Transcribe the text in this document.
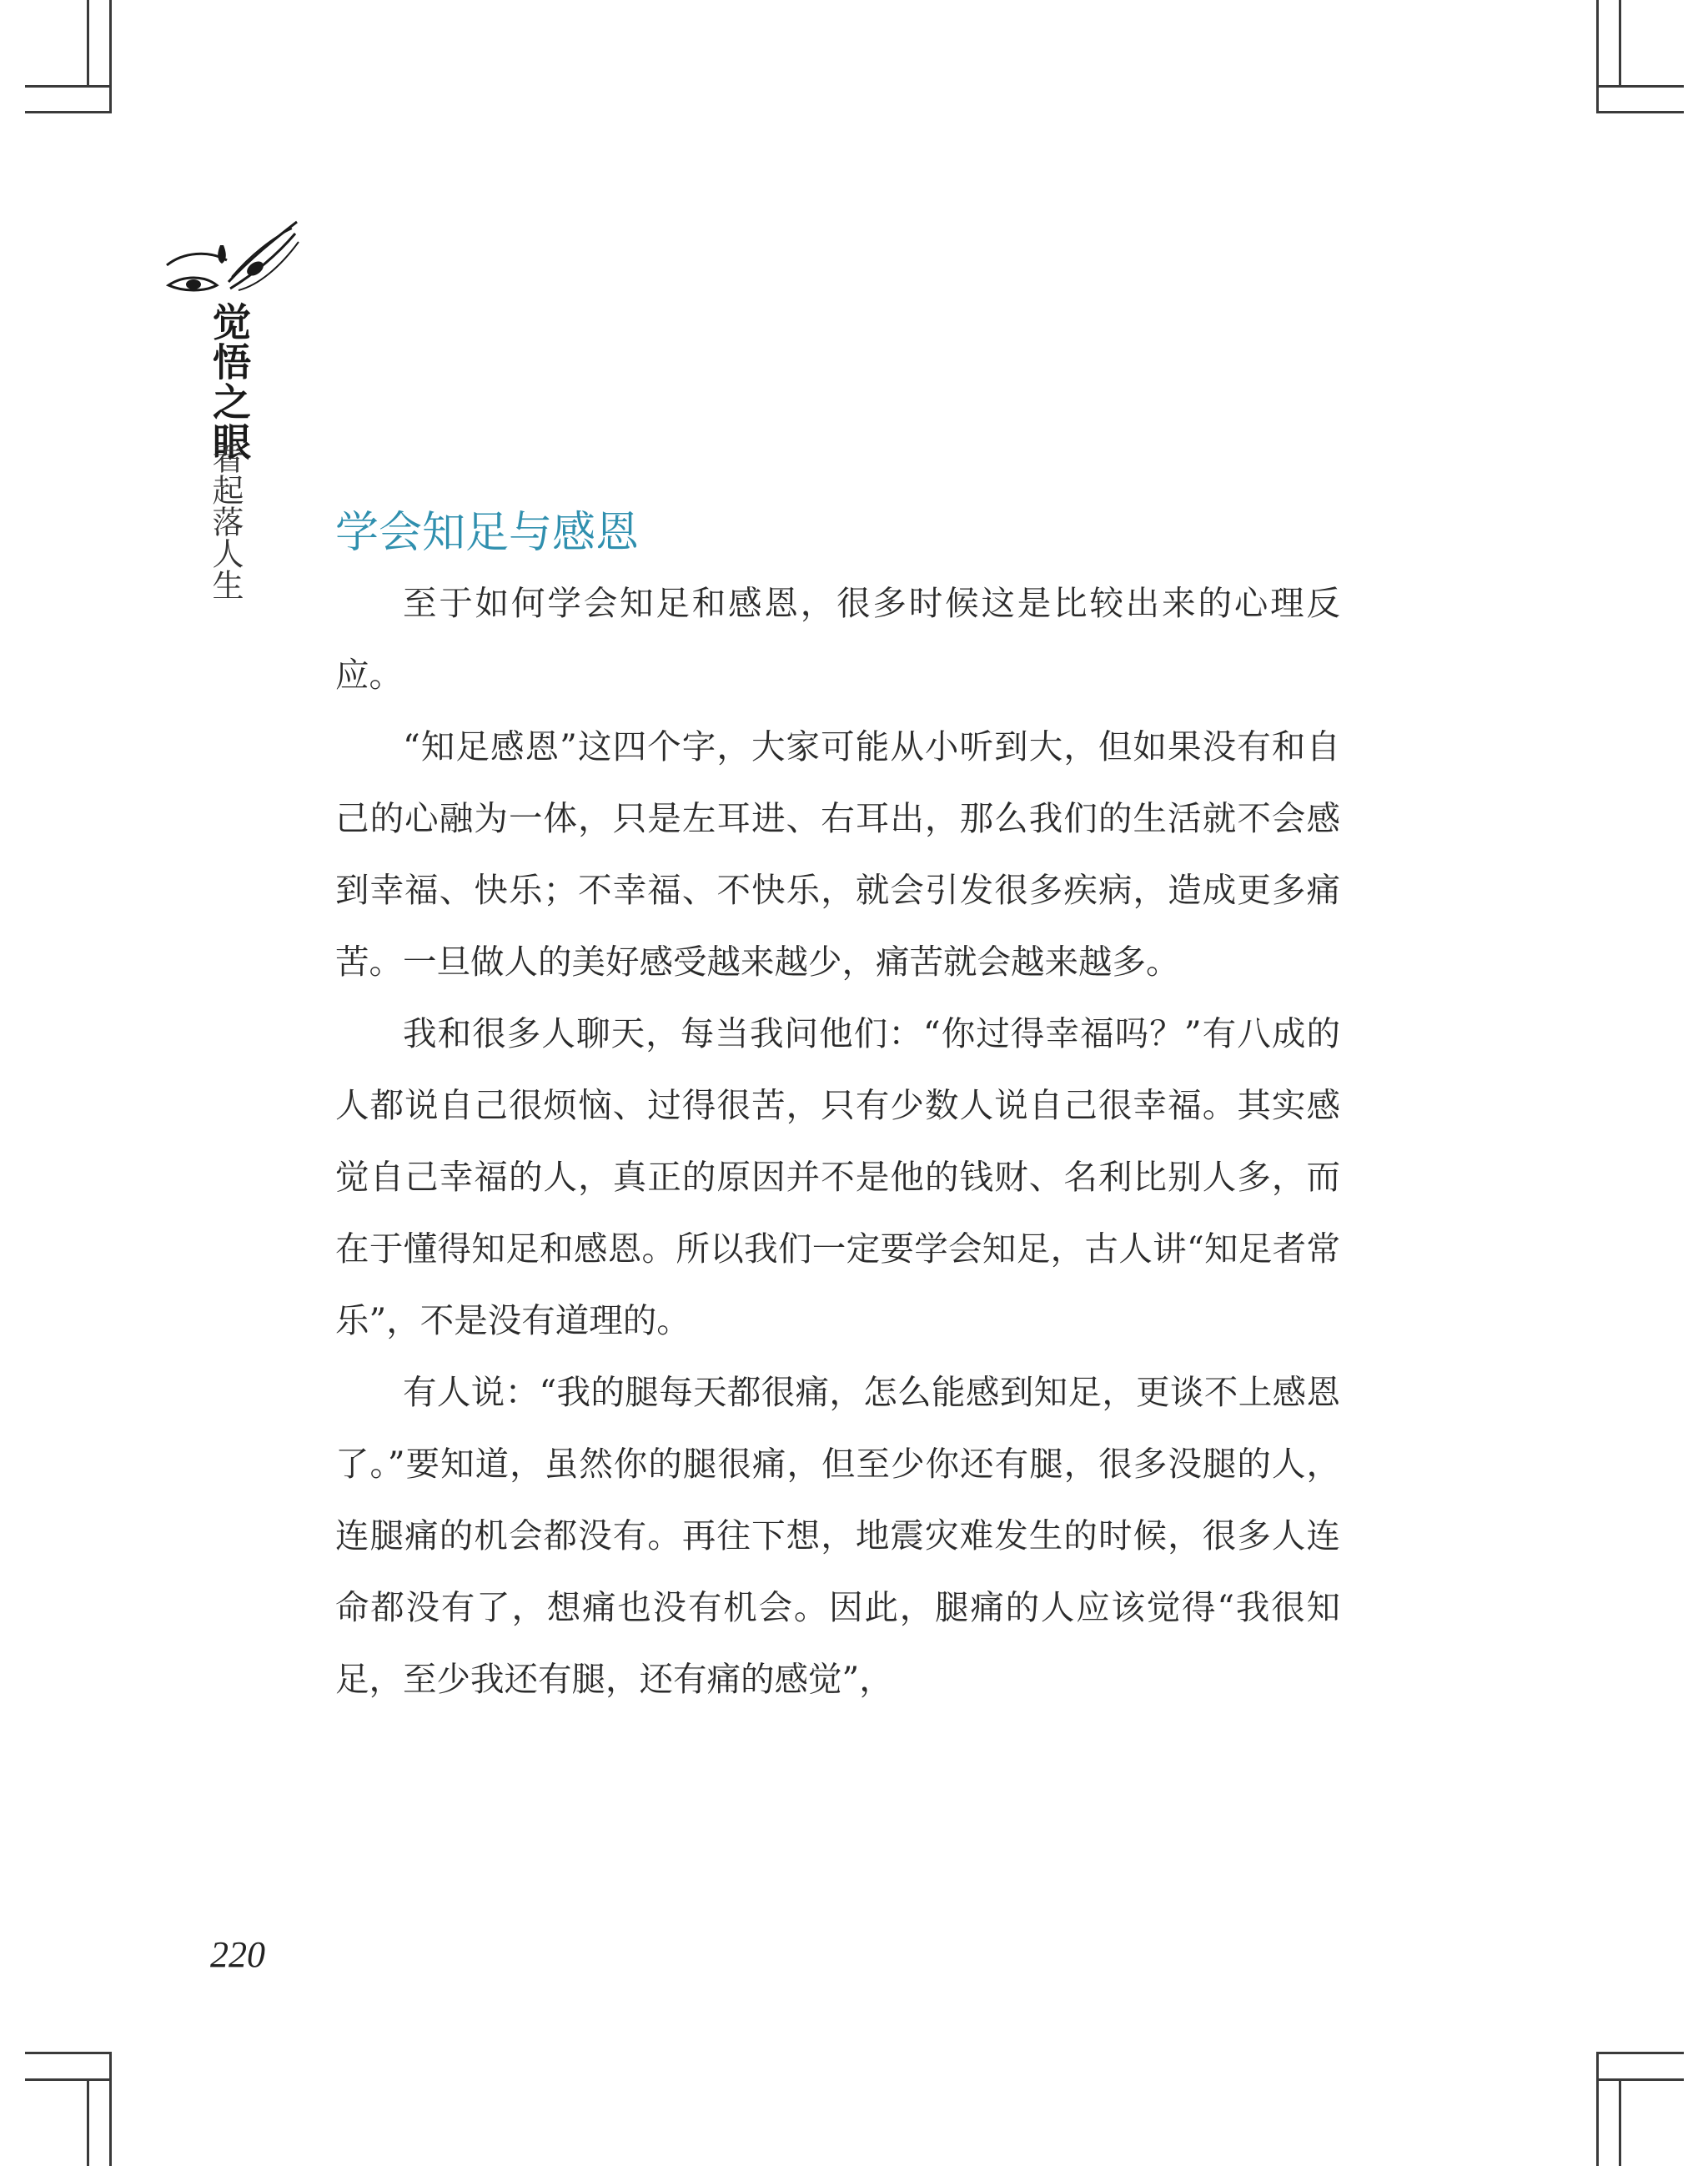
觉悟之眼
看起落人生 学会知足与感恩

至于如何学会知足和感恩，很多时候这是比较出来的心理反应。

“知足感恩”这四个字，大家可能从小听到大，但如果没有和自己的心融为一体，只是左耳进、右耳出，那么我们的生活就不会感到幸福、快乐；不幸福、不快乐，就会引发很多疾病，造成更多痛苦。一旦做人的美好感受越来越少，痛苦就会越来越多。

我和很多人聊天，每当我问他们：“你过得幸福吗？”有八成的人都说自己很烦恼、过得很苦，只有少数人说自己很幸福。其实感觉自己幸福的人，真正的原因并不是他的钱财、名利比别人多，而在于懂得知足和感恩。所以我们一定要学会知足，古人讲“知足者常乐”，不是没有道理的。

有人说：“我的腿每天都很痛，怎么能感到知足，更谈不上感恩了。”要知道，虽然你的腿很痛，但至少你还有腿，很多没腿的人，连腿痛的机会都没有。再往下想，地震灾难发生的时候，很多人连命都没有了，想痛也没有机会。因此，腿痛的人应该觉得“我很知足，至少我还有腿，还有痛的感觉”，

220
